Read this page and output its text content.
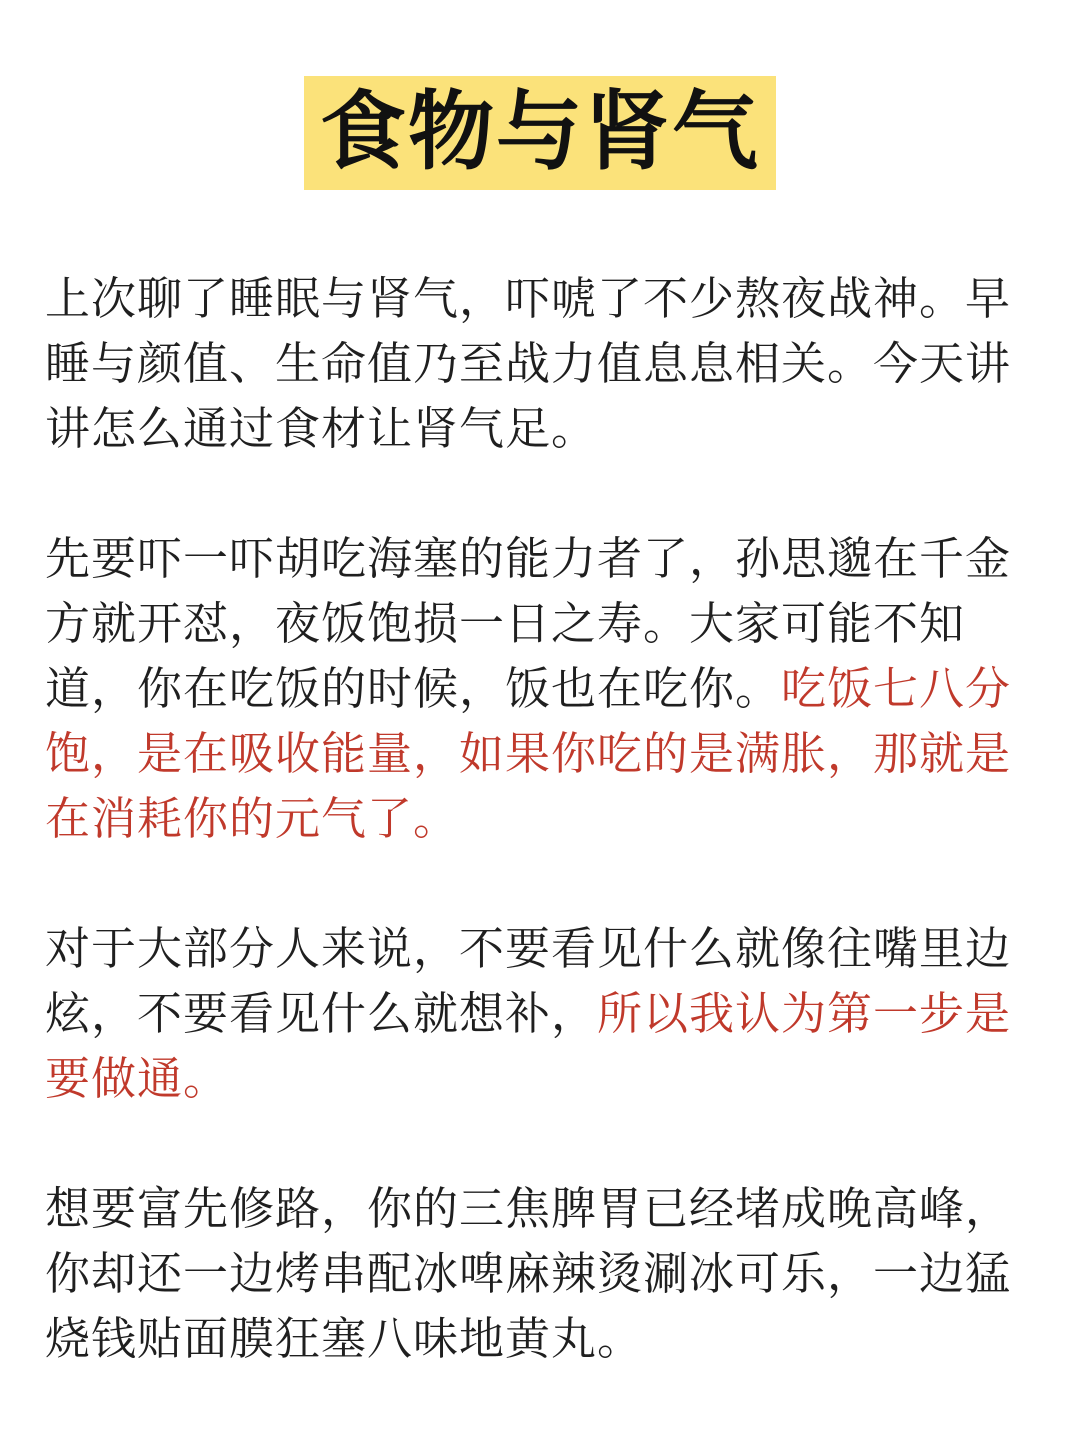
食物与肾气

上次聊了睡眠与肾气，吓唬了不少熬夜战神。早睡与颜值、生命值乃至战力值息息相关。今天讲讲怎么通过食材让肾气足。

先要吓一吓胡吃海塞的能力者了，孙思邈在千金方就开怼，夜饭饱损一日之寿。大家可能不知道，你在吃饭的时候，饭也在吃你。吃饭七八分饱，是在吸收能量，如果你吃的是满胀，那就是在消耗你的元气了。

对于大部分人来说，不要看见什么就像往嘴里边炫，不要看见什么就想补，所以我认为第一步是要做通。

想要富先修路，你的三焦脾胃已经堵成晚高峰，你却还一边烤串配冰啤麻辣烫涮冰可乐，一边猛烧钱贴面膜狂塞八味地黄丸。
